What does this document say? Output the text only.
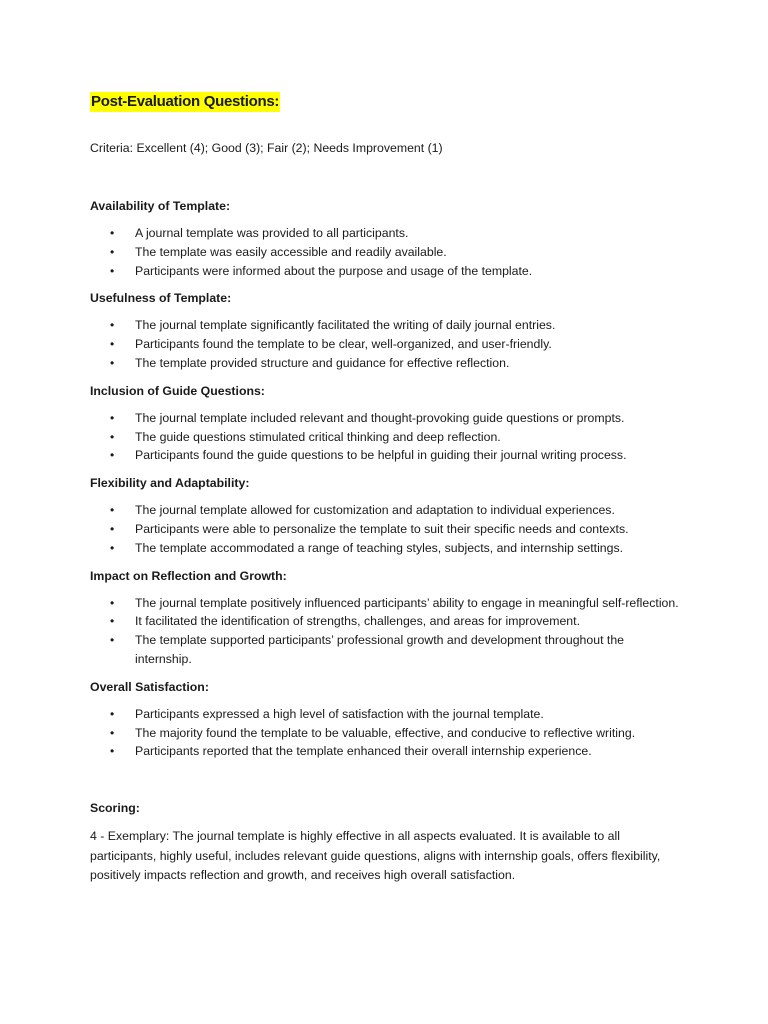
Post-Evaluation Questions:

Criteria: Excellent (4); Good (3); Fair (2); Needs Improvement (1)

Availability of Template:

• A journal template was provided to all participants.
• The template was easily accessible and readily available.
• Participants were informed about the purpose and usage of the template.

Usefulness of Template:

• The journal template significantly facilitated the writing of daily journal entries.
• Participants found the template to be clear, well-organized, and user-friendly.
• The template provided structure and guidance for effective reflection.

Inclusion of Guide Questions:

• The journal template included relevant and thought-provoking guide questions or prompts.
• The guide questions stimulated critical thinking and deep reflection.
• Participants found the guide questions to be helpful in guiding their journal writing process.

Flexibility and Adaptability:

• The journal template allowed for customization and adaptation to individual experiences.
• Participants were able to personalize the template to suit their specific needs and contexts.
• The template accommodated a range of teaching styles, subjects, and internship settings.

Impact on Reflection and Growth:

• The journal template positively influenced participants’ ability to engage in meaningful self-reflection.
• It facilitated the identification of strengths, challenges, and areas for improvement.
• The template supported participants’ professional growth and development throughout the internship.

Overall Satisfaction:

• Participants expressed a high level of satisfaction with the journal template.
• The majority found the template to be valuable, effective, and conducive to reflective writing.
• Participants reported that the template enhanced their overall internship experience.

Scoring:

4 - Exemplary: The journal template is highly effective in all aspects evaluated. It is available to all participants, highly useful, includes relevant guide questions, aligns with internship goals, offers flexibility, positively impacts reflection and growth, and receives high overall satisfaction.
